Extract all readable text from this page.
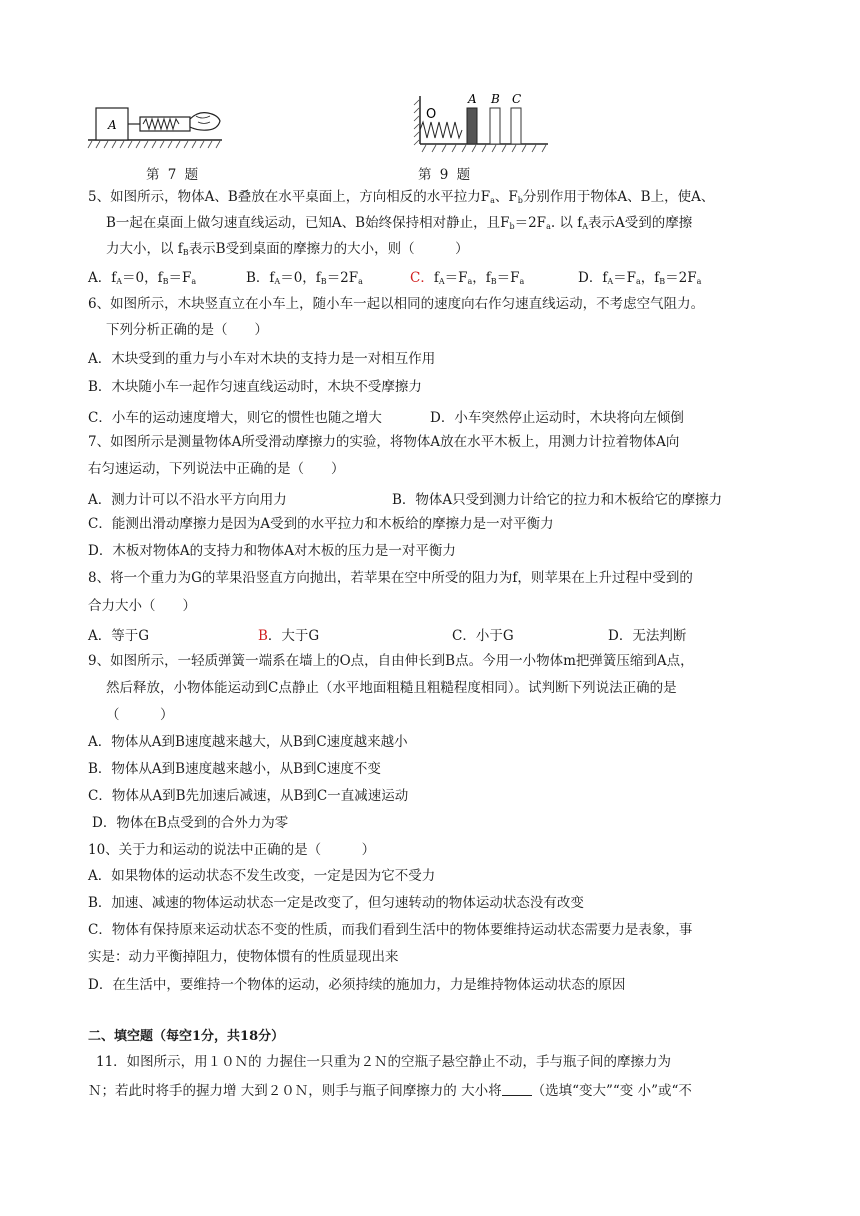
A
第 7 题
O
A B C
第 9 题
5、如图所示，物体A、B叠放在水平桌面上，方向相反的水平拉力$F_a$、$F_b$分别作用于物体A、B上，使A、
B一起在桌面上做匀速直线运动，已知A、B始终保持相对静止，且$F_b=2F_a$. 以 $f_A$表示A受到的摩擦
力大小，以 $f_B$表示B受到桌面的摩擦力的大小，则（　　　）
A．$f_A=0$，$f_B=F_a$	B．$f_A=0$，$f_B=2F_a$	C．$f_A=F_a$，$f_B=F_a$	D．$f_A=F_a$，$f_B=2F_a$
6、如图所示，木块竖直立在小车上，随小车一起以相同的速度向右作匀速直线运动，不考虑空气阻力。
下列分析正确的是（　　）
A．木块受到的重力与小车对木块的支持力是一对相互作用
B．木块随小车一起作匀速直线运动时，木块不受摩擦力
C．小车的运动速度增大，则它的惯性也随之增大	D．小车突然停止运动时，木块将向左倾倒
7、如图所示是测量物体A所受滑动摩擦力的实验，将物体A放在水平木板上，用测力计拉着物体A向
右匀速运动，下列说法中正确的是（　　）
A．测力计可以不沿水平方向用力	B．物体A只受到测力计给它的拉力和木板给它的摩擦力
C．能测出滑动摩擦力是因为A受到的水平拉力和木板给的摩擦力是一对平衡力
D．木板对物体A的支持力和物体A对木板的压力是一对平衡力
8、将一个重力为G的苹果沿竖直方向抛出，若苹果在空中所受的阻力为f，则苹果在上升过程中受到的
合力大小（　　）
A．等于G	B．大于G	C．小于G	D．无法判断
9、如图所示，一轻质弹簧一端系在墙上的O点，自由伸长到B点。今用一小物体m把弹簧压缩到A点，
然后释放，小物体能运动到C点静止（水平地面粗糙且粗糙程度相同）。试判断下列说法正确的是
（　　　）
A．物体从A到B速度越来越大，从B到C速度越来越小
B．物体从A到B速度越来越小，从B到C速度不变
C．物体从A到B先加速后减速，从B到C一直减速运动
D．物体在B点受到的合外力为零
10、关于力和运动的说法中正确的是（　　　）
A．如果物体的运动状态不发生改变，一定是因为它不受力
B．加速、减速的物体运动状态一定是改变了，但匀速转动的物体运动状态没有改变
C．物体有保持原来运动状态不变的性质，而我们看到生活中的物体要维持运动状态需要力是表象，事
实是：动力平衡掉阻力，使物体惯有的性质显现出来
D．在生活中，要维持一个物体的运动，必须持续的施加力，力是维持物体运动状态的原因
二、填空题（每空1分，共18分）
11．如图所示，用１０Ｎ的 力握住一只重为２Ｎ的空瓶子悬空静止不动，手与瓶子间的摩擦力为
Ｎ；若此时将手的握力增 大到２０Ｎ，则手与瓶子间摩擦力的 大小将 （选填“变大”“变 小”或“不
